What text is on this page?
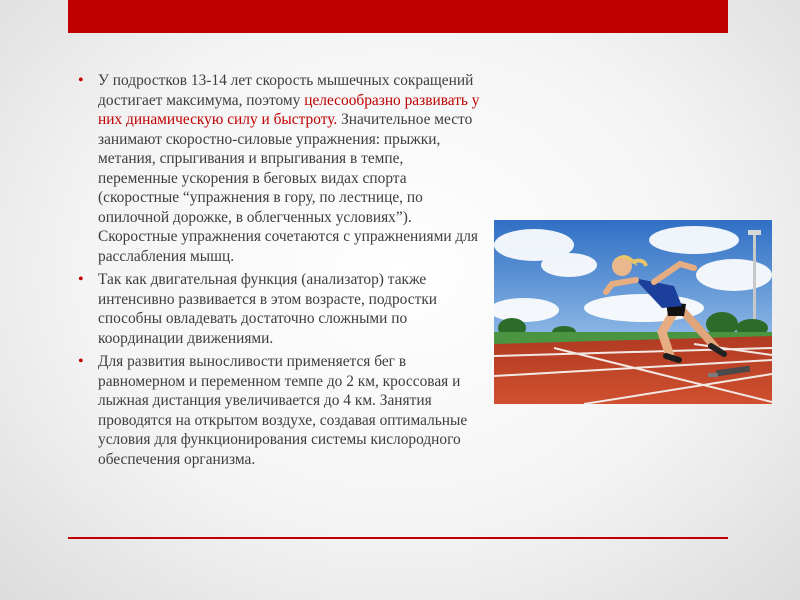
• У подростков 13-14 лет скорость мышечных сокращений достигает максимума, поэтому целесообразно развивать у них динамическую силу и быстроту. Значительное место занимают скоростно-силовые упражнения: прыжки, метания, спрыгивания и впрыгивания в темпе, переменные ускорения в беговых видах спорта (скоростные “упражнения в гору, по лестнице, по опилочной дорожке, в облегченных условиях”). Скоростные упражнения сочетаются с упражнениями для расслабления мышц.
• Так как двигательная функция (анализатор) также интенсивно развивается в этом возрасте, подростки способны овладевать достаточно сложными по координации движениями.
• Для развития выносливости применяется бег в равномерном и переменном темпе до 2 км, кроссовая и лыжная дистанция увеличивается до 4 км. Занятия проводятся на открытом воздухе, создавая оптимальные условия для функционирования системы кислородного обеспечения организма.
